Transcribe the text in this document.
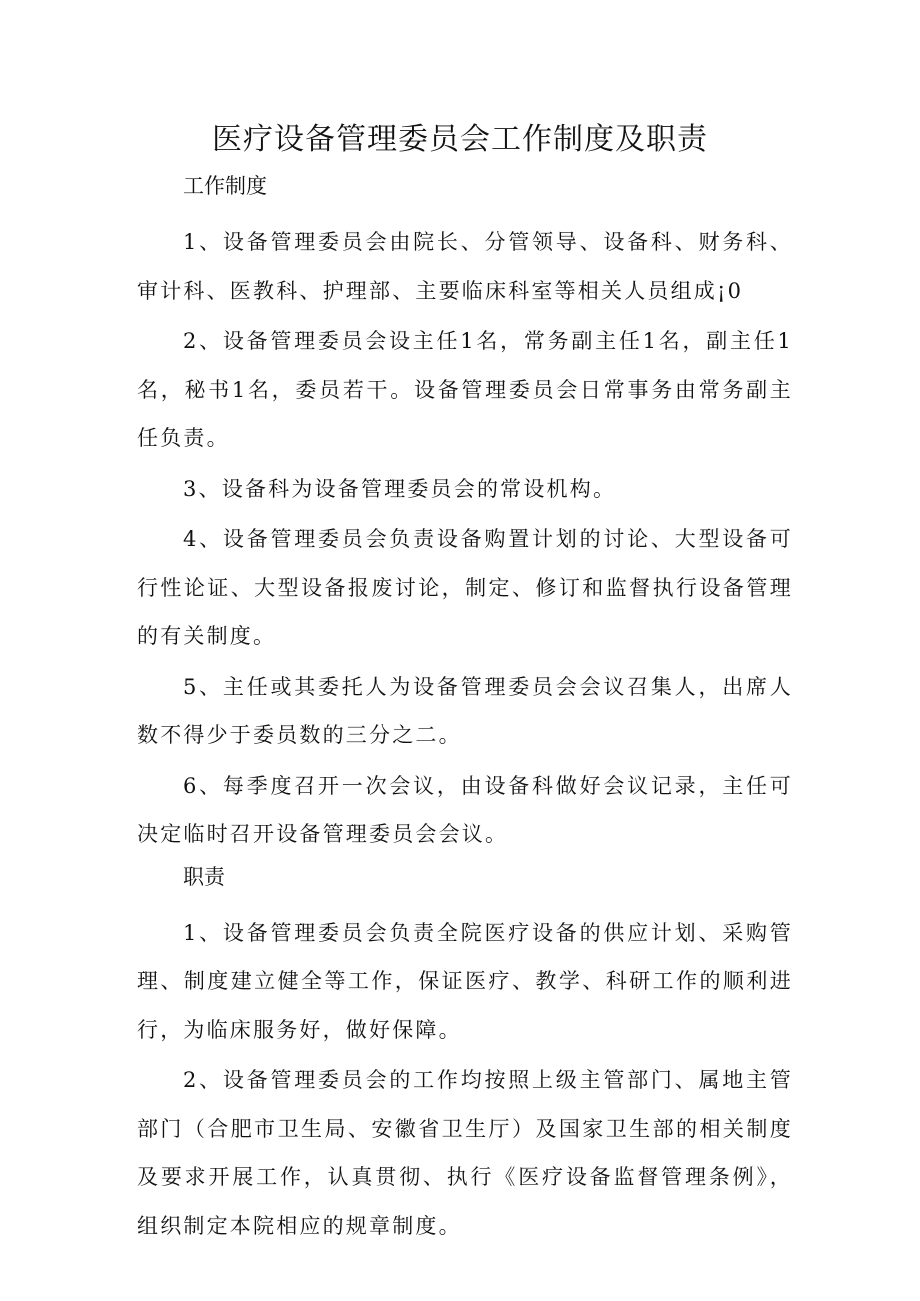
医疗设备管理委员会工作制度及职责
工作制度

1、设备管理委员会由院长、分管领导、设备科、财务科、审计科、医教科、护理部、主要临床科室等相关人员组成¡0

2、设备管理委员会设主任1名，常务副主任1名，副主任1名，秘书1名，委员若干。设备管理委员会日常事务由常务副主任负责。

3、设备科为设备管理委员会的常设机构。

4、设备管理委员会负责设备购置计划的讨论、大型设备可行性论证、大型设备报废讨论，制定、修订和监督执行设备管理的有关制度。

5、主任或其委托人为设备管理委员会会议召集人，出席人数不得少于委员数的三分之二。

6、每季度召开一次会议，由设备科做好会议记录，主任可决定临时召开设备管理委员会会议。

职责

1、设备管理委员会负责全院医疗设备的供应计划、采购管理、制度建立健全等工作，保证医疗、教学、科研工作的顺利进行，为临床服务好，做好保障。

2、设备管理委员会的工作均按照上级主管部门、属地主管部门（合肥市卫生局、安徽省卫生厅）及国家卫生部的相关制度及要求开展工作，认真贯彻、执行《医疗设备监督管理条例》，组织制定本院相应的规章制度。
